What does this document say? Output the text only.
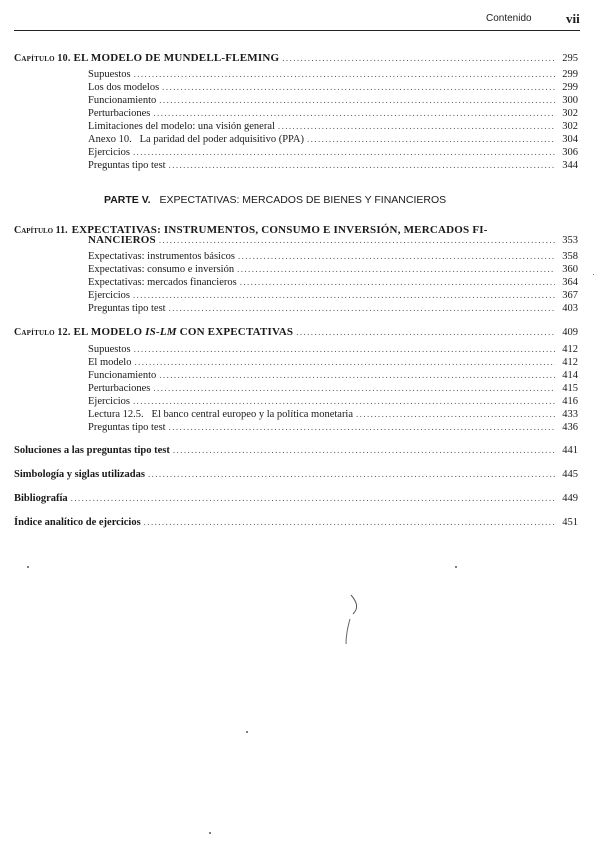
Contenido	vii
Capítulo 10. EL MODELO DE MUNDELL-FLEMING .....	295
Supuestos .....	299
Los dos modelos .....	299
Funcionamiento .....	300
Perturbaciones .....	302
Limitaciones del modelo: una visión general .....	302
Anexo 10.   La paridad del poder adquisitivo (PPA) .....	304
Ejercicios .....	306
Preguntas tipo test .....	344
PARTE V. EXPECTATIVAS: MERCADOS DE BIENES Y FINANCIEROS
Capítulo 11. EXPECTATIVAS: INSTRUMENTOS, CONSUMO E INVERSIÓN, MERCADOS FI-
NANCIEROS .....	353
Expectativas: instrumentos básicos .....	358
Expectativas: consumo e inversión .....	360
Expectativas: mercados financieros .....	364
Ejercicios .....	367
Preguntas tipo test .....	403
Capítulo 12. EL MODELO IS-LM CON EXPECTATIVAS .....	409
Supuestos .....	412
El modelo .....	412
Funcionamiento .....	414
Perturbaciones .....	415
Ejercicios .....	416
Lectura 12.5.   El banco central europeo y la política monetaria .....	433
Preguntas tipo test .....	436
Soluciones a las preguntas tipo test .....	441
Simbología y siglas utilizadas .....	445
Bibliografía .....	449
Índice analítico de ejercicios .....	451
